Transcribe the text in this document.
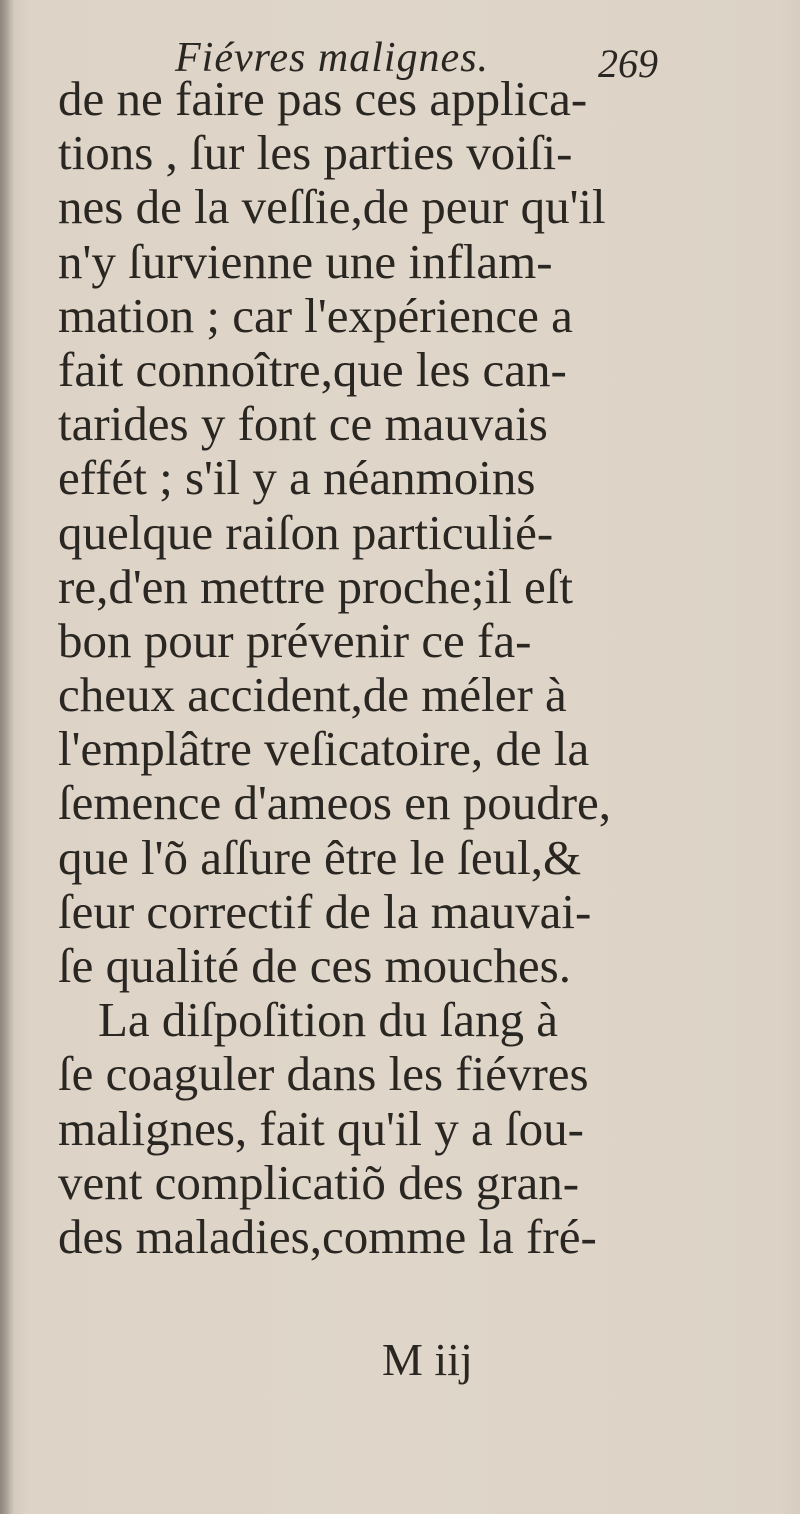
Fiévres malignes.	269
de ne faire pas ces applica-
tions , ſur les parties voiſi-
nes de la veſſie,de peur qu'il
n'y ſurvienne une inflam-
mation ; car l'expérience a
fait connoître,que les can-
tarides y font ce mauvais
effét ; s'il y a néanmoins
quelque raiſon particulié-
re,d'en mettre proche;il eſt
bon pour prévenir ce fa-
cheux accident,de méler à
l'emplâtre veſicatoire, de la
ſemence d'ameos en poudre,
que l'õ aſſure être le ſeul,&
ſeur correctif de la mauvai-
ſe qualité de ces mouches.
La diſpoſition du ſang à
ſe coaguler dans les fiévres
malignes, fait qu'il y a ſou-
vent complicatiõ des gran-
des maladies,comme la fré-
M iij
